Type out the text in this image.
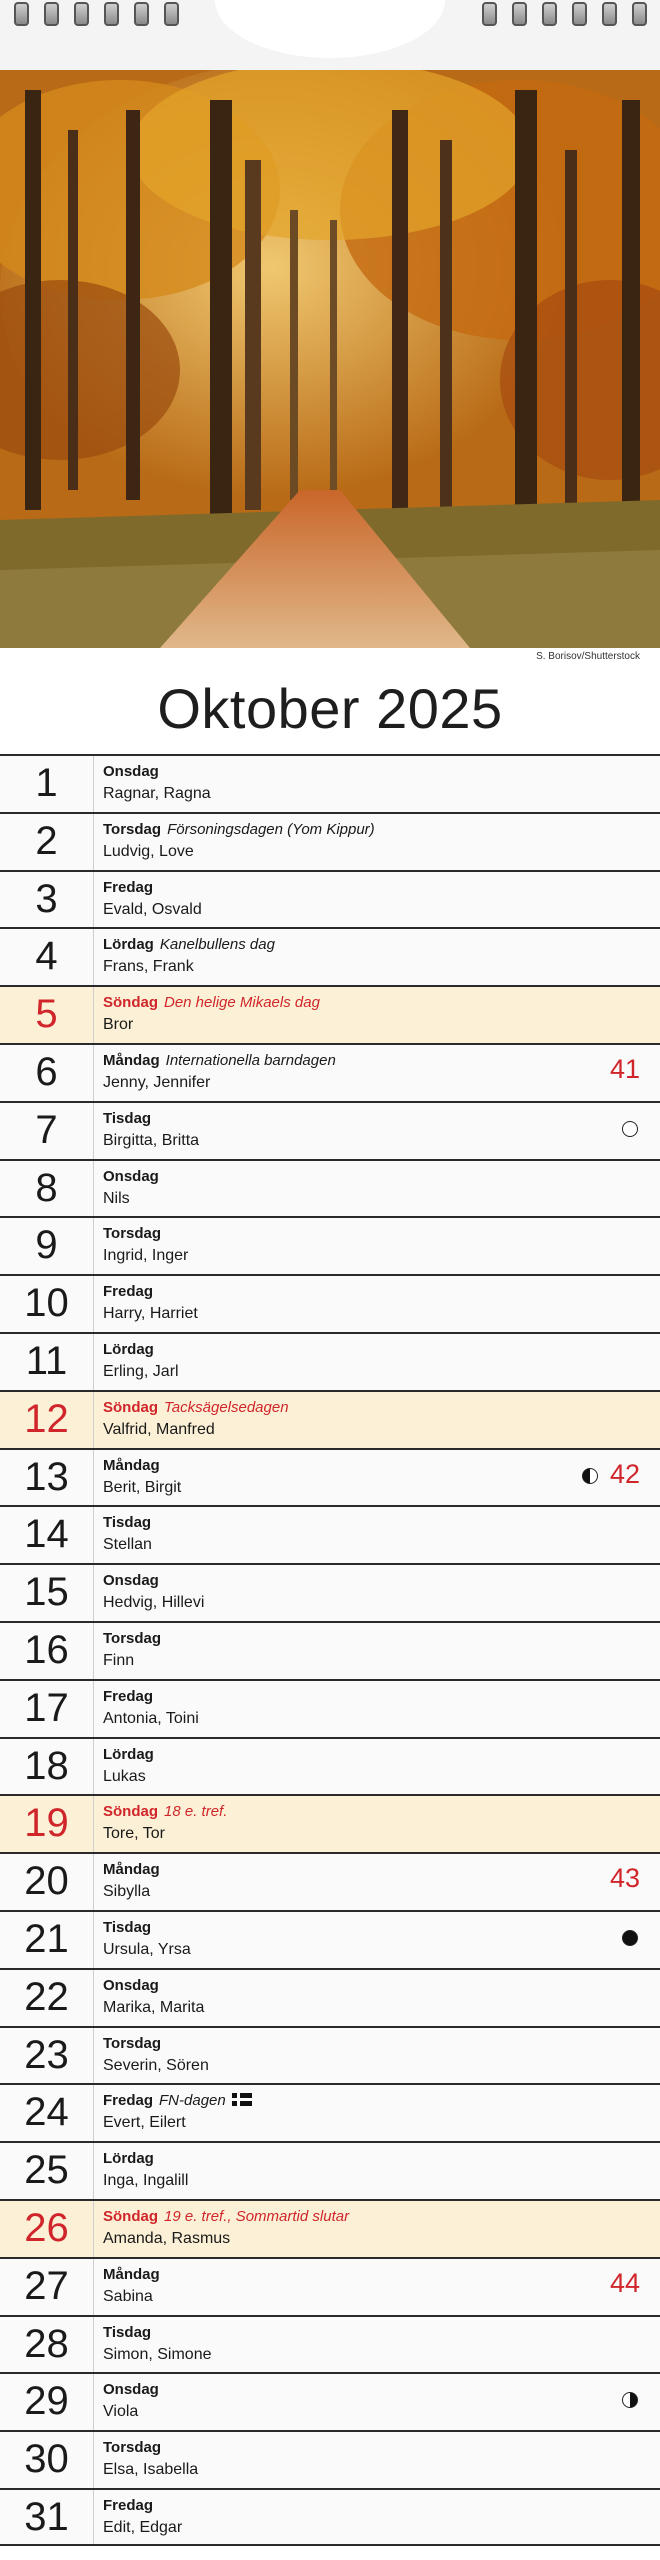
S. Borisov/Shutterstock
Oktober 2025
1	Onsdag
Ragnar, Ragna
2	Torsdag Försoningsdagen (Yom Kippur)
Ludvig, Love
3	Fredag
Evald, Osvald
4	Lördag Kanelbullens dag
Frans, Frank
5	Söndag Den helige Mikaels dag
Bror
6	Måndag Internationella barndagen
Jenny, Jennifer	41
7	Tisdag
Birgitta, Britta
8	Onsdag
Nils
9	Torsdag
Ingrid, Inger
10	Fredag
Harry, Harriet
11	Lördag
Erling, Jarl
12	Söndag Tacksägelsedagen
Valfrid, Manfred
13	Måndag
Berit, Birgit	42
14	Tisdag
Stellan
15	Onsdag
Hedvig, Hillevi
16	Torsdag
Finn
17	Fredag
Antonia, Toini
18	Lördag
Lukas
19	Söndag 18 e. tref.
Tore, Tor
20	Måndag
Sibylla	43
21	Tisdag
Ursula, Yrsa
22	Onsdag
Marika, Marita
23	Torsdag
Severin, Sören
24	Fredag FN-dagen
Evert, Eilert
25	Lördag
Inga, Ingalill
26	Söndag 19 e. tref., Sommartid slutar
Amanda, Rasmus
27	Måndag
Sabina	44
28	Tisdag
Simon, Simone
29	Onsdag
Viola
30	Torsdag
Elsa, Isabella
31	Fredag
Edit, Edgar
